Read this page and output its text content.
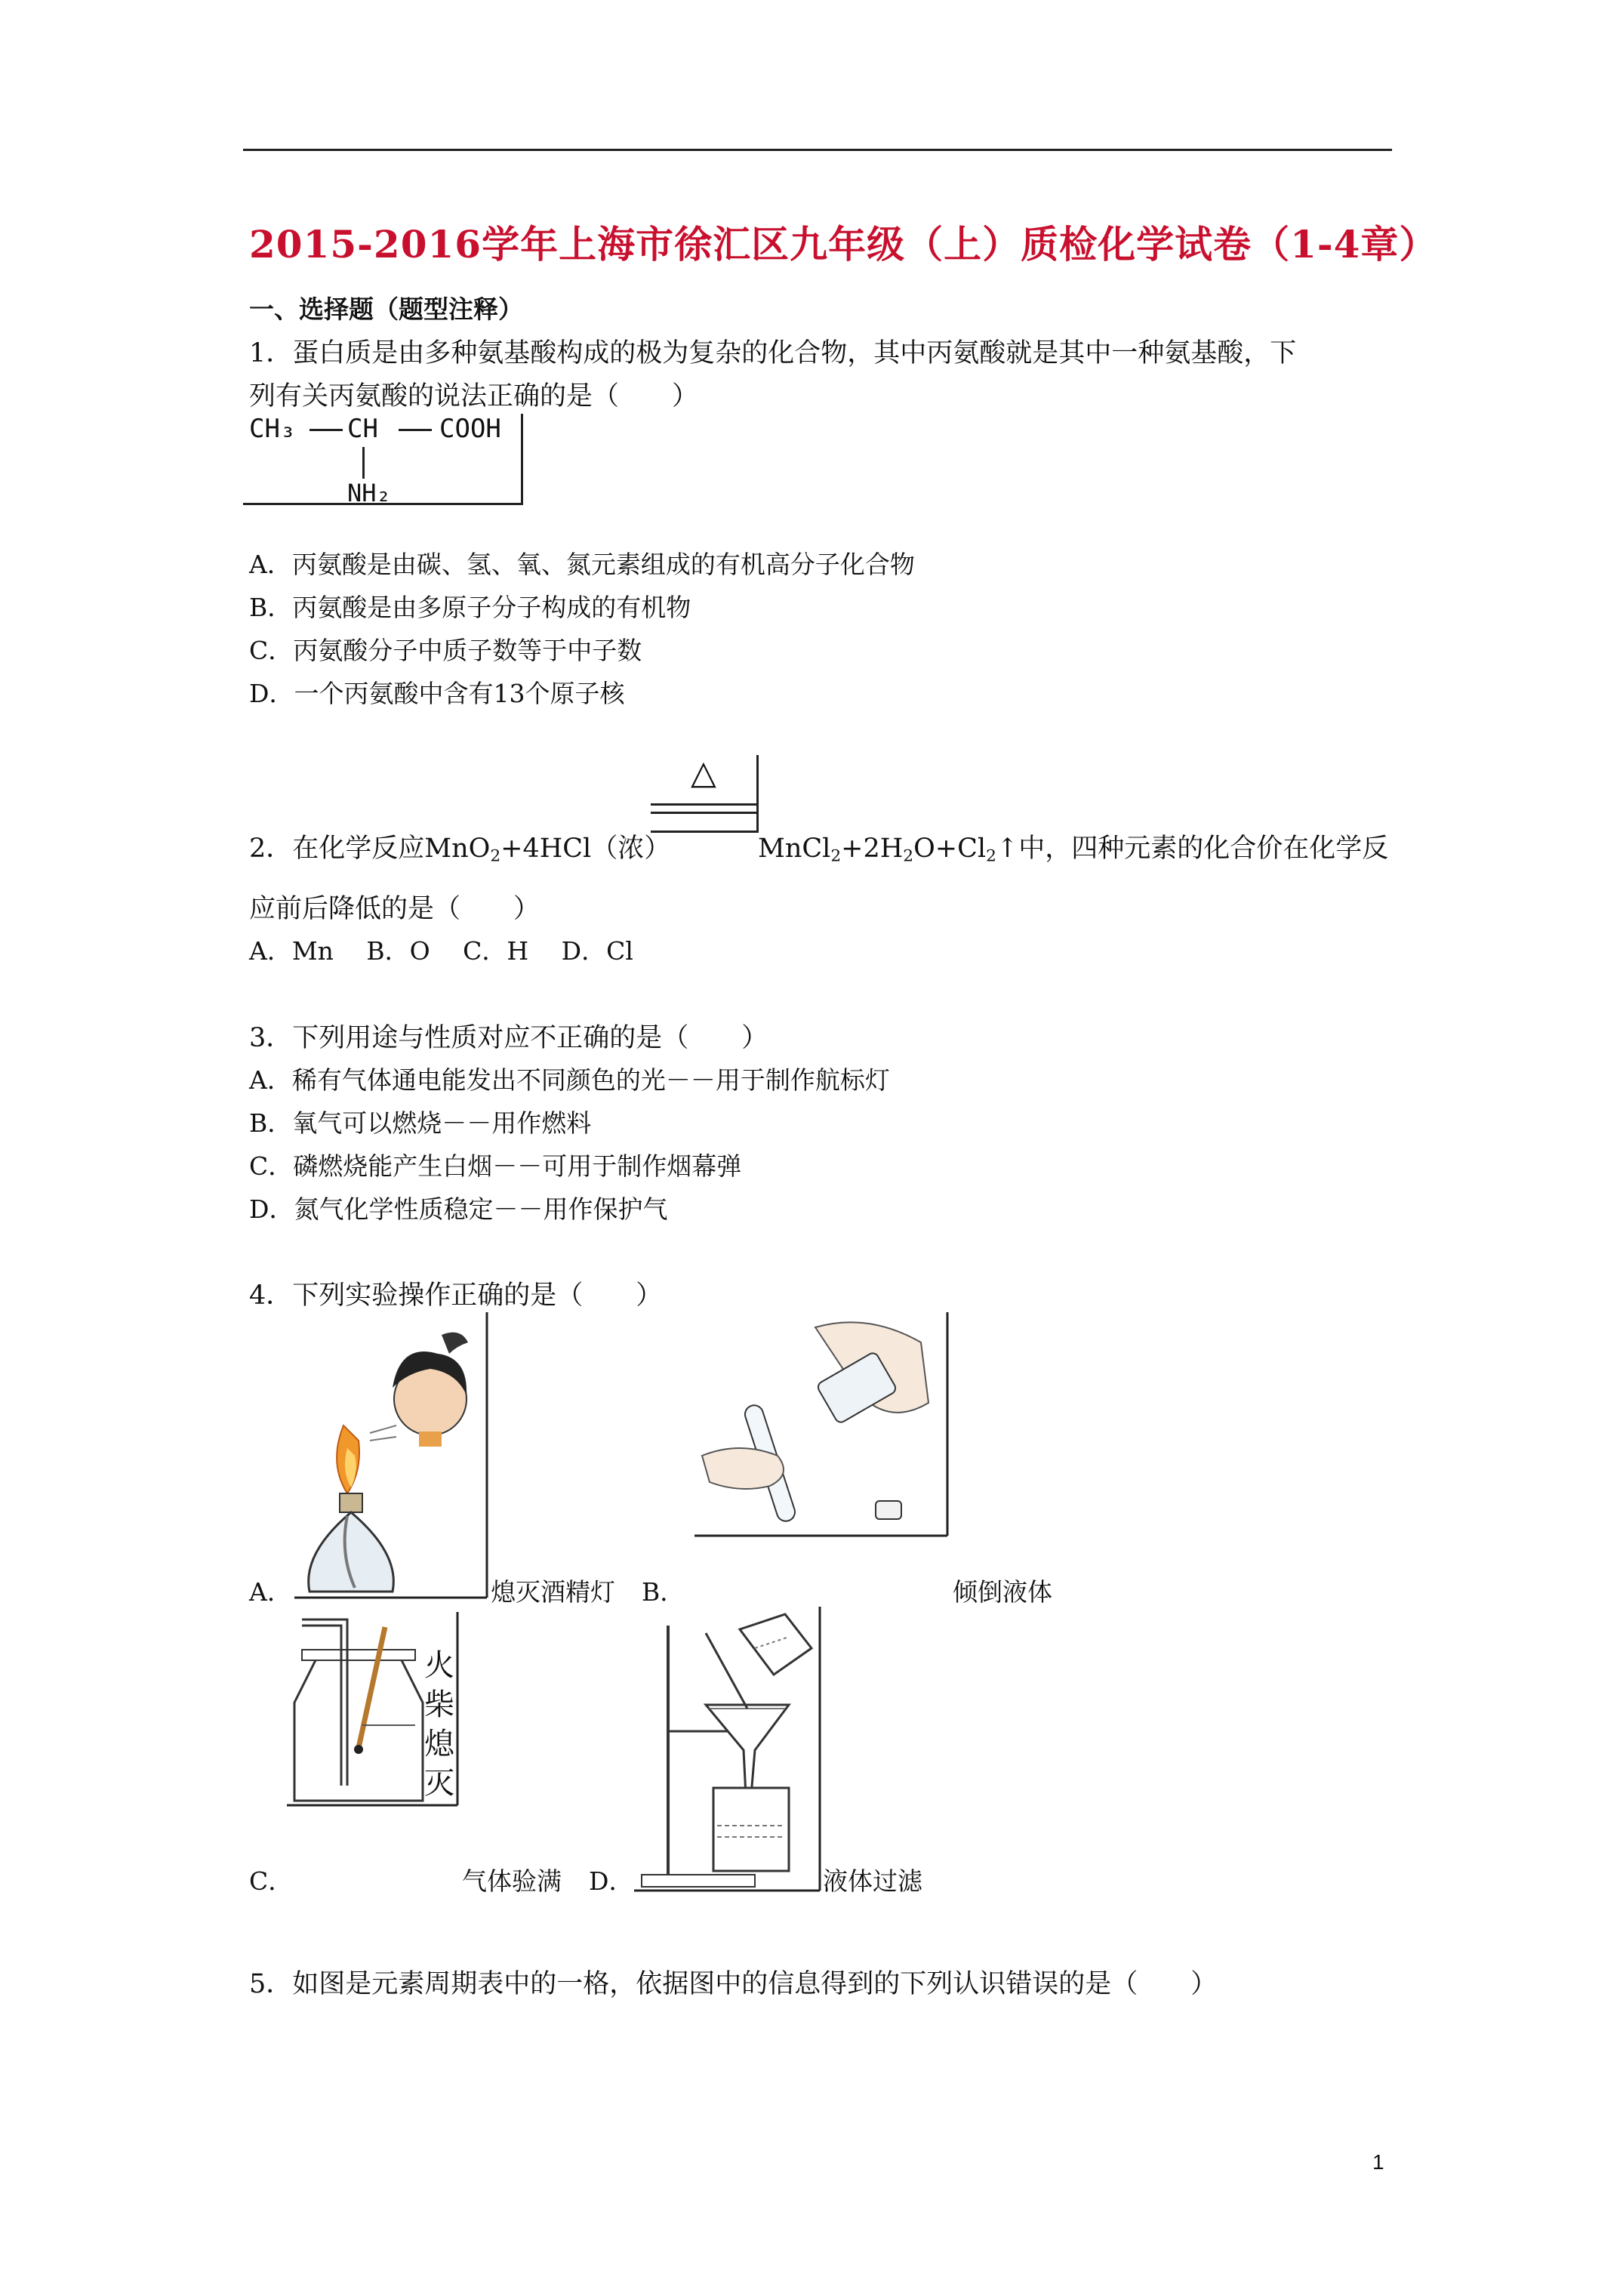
2015-2016学年上海市徐汇区九年级（上）质检化学试卷（1-4章）
一、选择题（题型注释）
1．蛋白质是由多种氨基酸构成的极为复杂的化合物，其中丙氨酸就是其中一种氨基酸，下
列有关丙氨酸的说法正确的是（　　）
CH₃ CH COOH
NH₂
A．丙氨酸是由碳、氢、氧、氮元素组成的有机高分子化合物
B．丙氨酸是由多原子分子构成的有机物
C．丙氨酸分子中质子数等于中子数
D．一个丙氨酸中含有13个原子核
△
2．在化学反应MnO$_2$+4HCl（浓）	$MnCl_2+2H_2O+Cl_2↑$中，四种元素的化合价在化学反
应前后降低的是（　　）
A．Mn　 B．O　 C．H　 D．Cl
3．下列用途与性质对应不正确的是（　　）
A．稀有气体通电能发出不同颜色的光－－用于制作航标灯
B．氧气可以燃烧－－用作燃料
C．磷燃烧能产生白烟－－可用于制作烟幕弹
D．氮气化学性质稳定－－用作保护气
4．下列实验操作正确的是（　　）
A．	熄灭酒精灯 B．	倾倒液体
火
柴
熄
灭
C．	气体验满 D．	液体过滤
5．如图是元素周期表中的一格，依据图中的信息得到的下列认识错误的是（　　）
1
